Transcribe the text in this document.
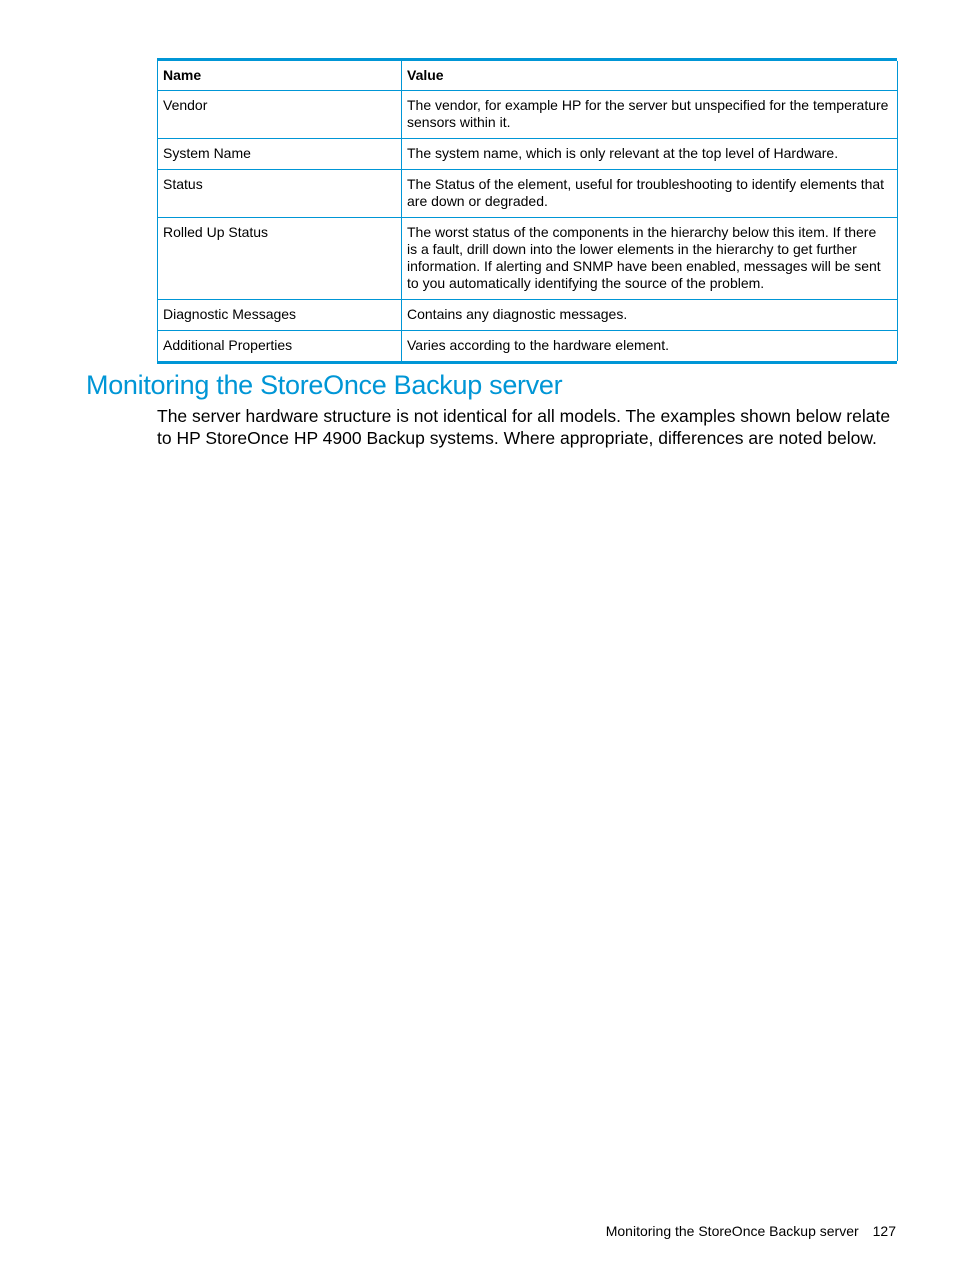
Name	Value
Vendor	The vendor, for example HP for the server but unspecified for the temperature sensors within it.
System Name	The system name, which is only relevant at the top level of Hardware.
Status	The Status of the element, useful for troubleshooting to identify elements that are down or degraded.
Rolled Up Status	The worst status of the components in the hierarchy below this item. If there is a fault, drill down into the lower elements in the hierarchy to get further information. If alerting and SNMP have been enabled, messages will be sent to you automatically identifying the source of the problem.
Diagnostic Messages	Contains any diagnostic messages.
Additional Properties	Varies according to the hardware element.
Monitoring the StoreOnce Backup server

The server hardware structure is not identical for all models. The examples shown below relate to HP StoreOnce HP 4900 Backup systems. Where appropriate, differences are noted below.

Monitoring the StoreOnce Backup server 127
